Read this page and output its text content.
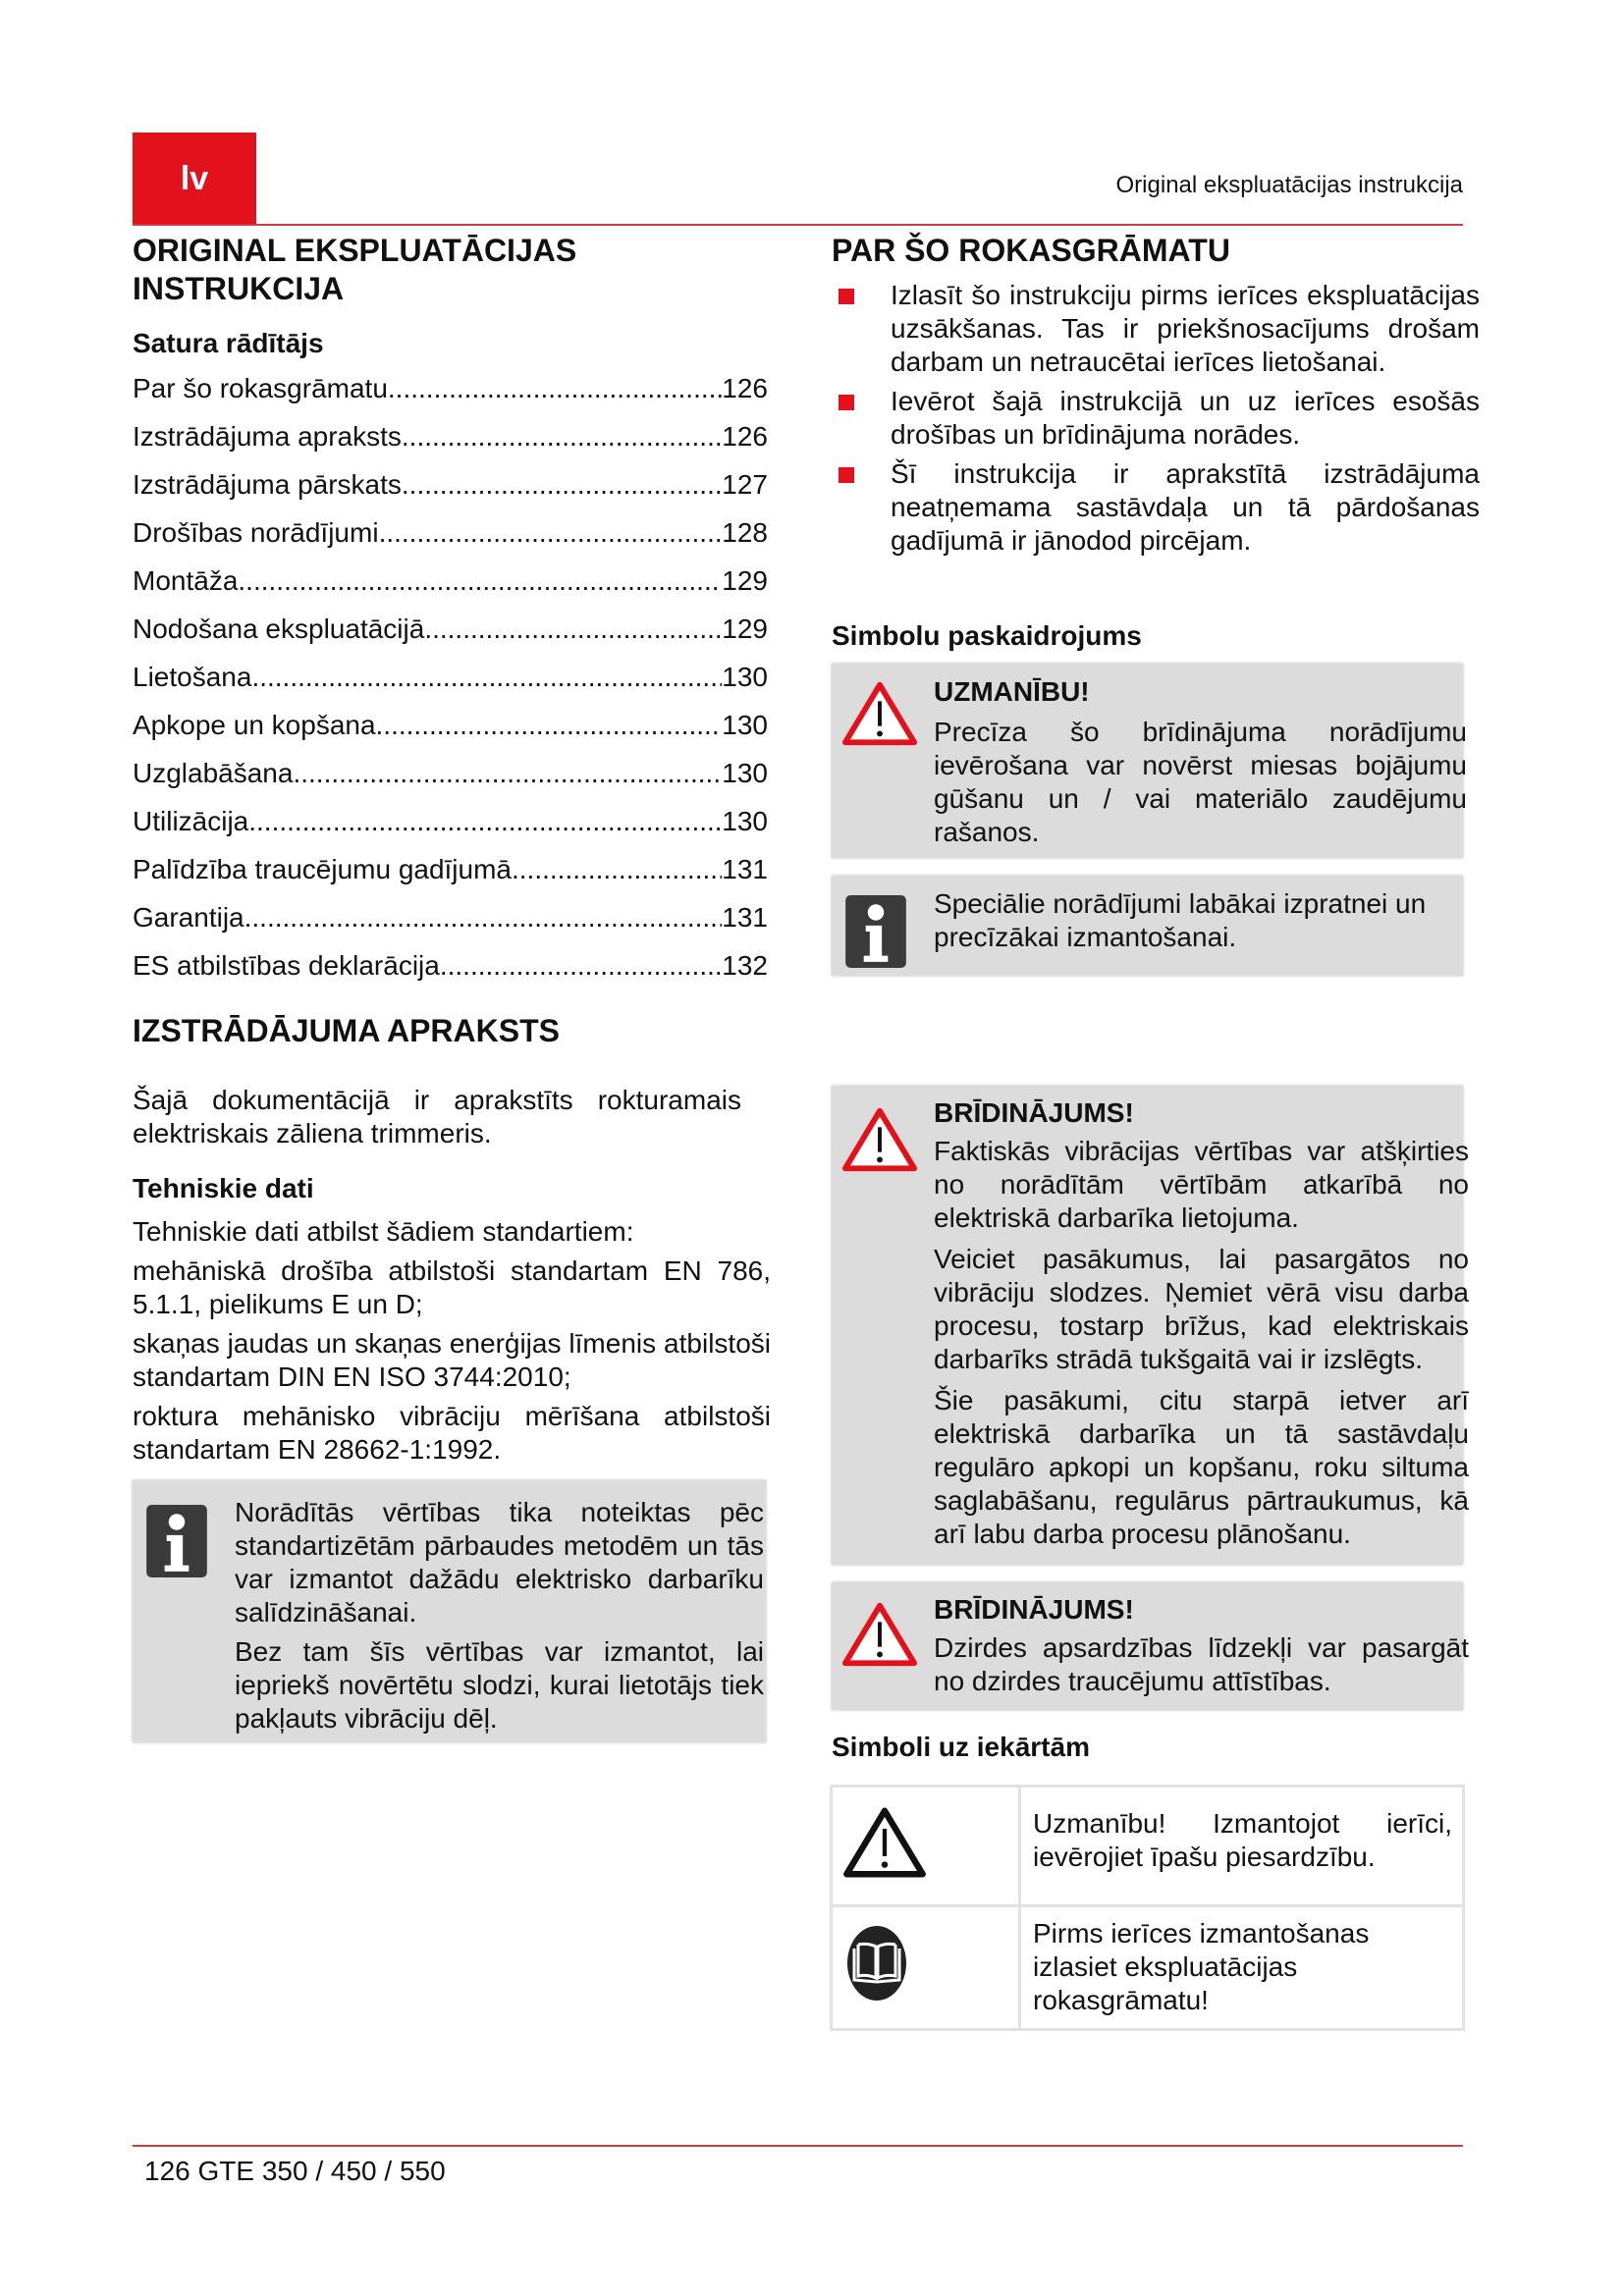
lv	Original ekspluatācijas instrukcija
ORIGINAL EKSPLUATĀCIJAS INSTRUKCIJA
Satura rādītājs
Par šo rokasgrāmatu .....	126
Izstrādājuma apraksts .....	126
Izstrādājuma pārskats .....	127
Drošības norādījumi .....	128
Montāža .....	129
Nodošana ekspluatācijā .....	129
Lietošana .....	130
Apkope un kopšana .....	130
Uzglabāšana .....	130
Utilizācija .....	130
Palīdzība traucējumu gadījumā .....	131
Garantija .....	131
ES atbilstības deklarācija .....	132
IZSTRĀDĀJUMA APRAKSTS
Šajā dokumentācijā ir aprakstīts rokturamais elektriskais zāliena trimmeris.
Tehniskie dati
Tehniskie dati atbilst šādiem standartiem:
mehāniskā drošība atbilstoši standartam EN 786, 5.1.1, pielikums E un D;
skaņas jaudas un skaņas enerģijas līmenis atbilstoši standartam DIN EN ISO 3744:2010;
roktura mehānisko vibrāciju mērīšana atbilstoši standartam EN 28662-1:1992.
Norādītās vērtības tika noteiktas pēc standartizētām pārbaudes metodēm un tās var izmantot dažādu elektrisko darbarīku salīdzināšanai.
Bez tam šīs vērtības var izmantot, lai iepriekš novērtētu slodzi, kurai lietotājs tiek pakļauts vibrāciju dēļ.
PAR ŠO ROKASGRĀMATU
Izlasīt šo instrukciju pirms ierīces ekspluatācijas uzsākšanas. Tas ir priekšnosacījums drošam darbam un netraucētai ierīces lietošanai.
Ievērot šajā instrukcijā un uz ierīces esošās drošības un brīdinājuma norādes.
Šī instrukcija ir aprakstītā izstrādājuma neatņemama sastāvdaļa un tā pārdošanas gadījumā ir jānodod pircējam.
Simbolu paskaidrojums
UZMANĪBU!
Precīza šo brīdinājuma norādījumu ievērošana var novērst miesas bojājumu gūšanu un / vai materiālo zaudējumu rašanos.
Speciālie norādījumi labākai izpratnei un precīzākai izmantošanai.
BRĪDINĀJUMS!
Faktiskās vibrācijas vērtības var atšķirties no norādītām vērtībām atkarībā no elektriskā darbarīka lietojuma.
Veiciet pasākumus, lai pasargātos no vibrāciju slodzes. Ņemiet vērā visu darba procesu, tostarp brīžus, kad elektriskais darbarīks strādā tukšgaitā vai ir izslēgts.
Šie pasākumi, citu starpā ietver arī elektriskā darbarīka un tā sastāvdaļu regulāro apkopi un kopšanu, roku siltuma saglabāšanu, regulārus pārtraukumus, kā arī labu darba procesu plānošanu.
BRĪDINĀJUMS!
Dzirdes apsardzības līdzekļi var pasargāt no dzirdes traucējumu attīstības.
Simboli uz iekārtām
	Uzmanību! Izmantojot ierīci, ievērojiet īpašu piesardzību.
	Pirms ierīces izmantošanas izlasiet ekspluatācijas rokasgrāmatu!
126 GTE 350 / 450 / 550
